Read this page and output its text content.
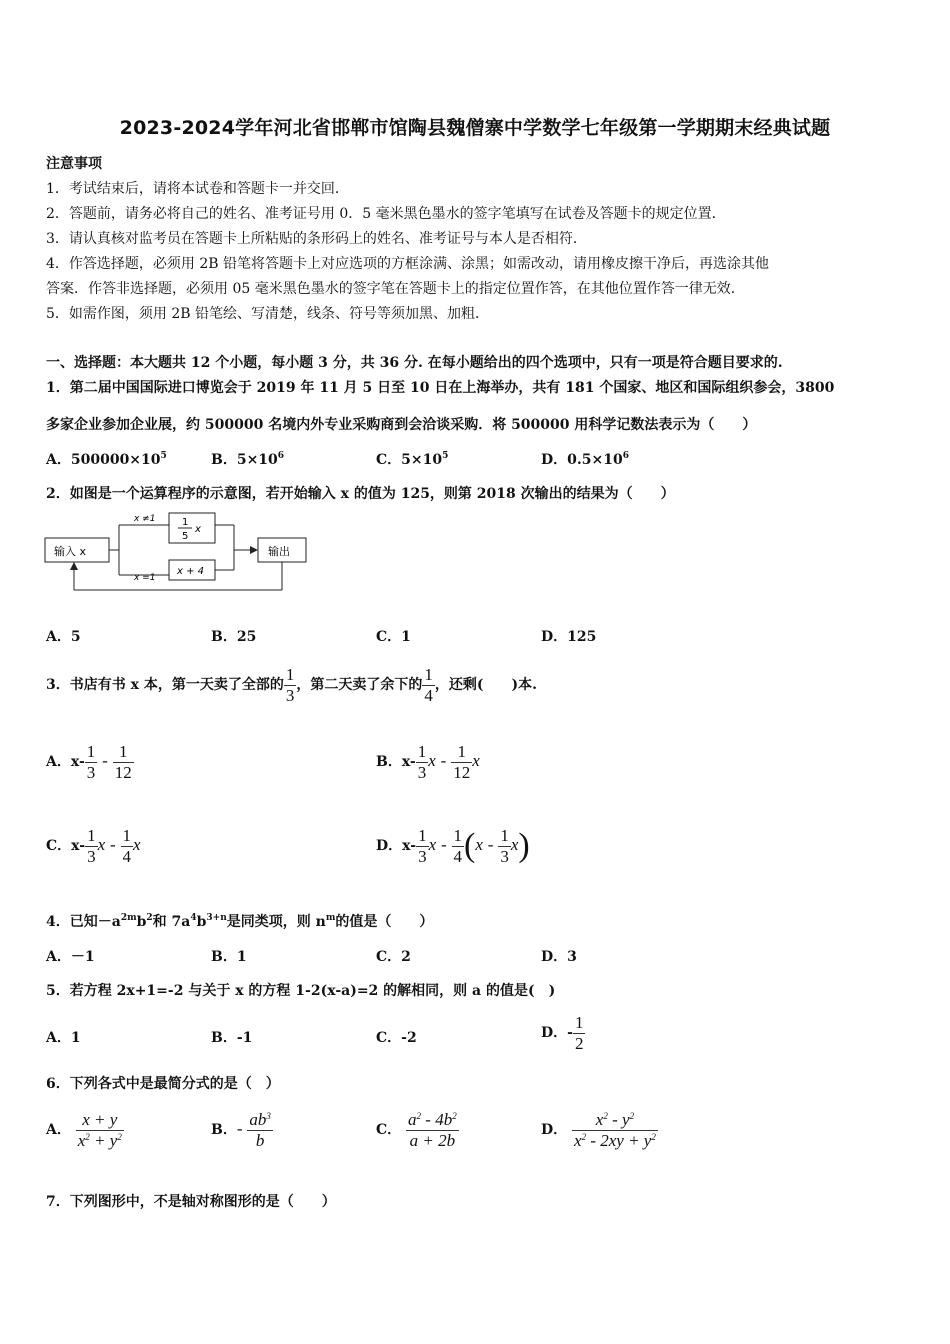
2023-2024学年河北省邯郸市馆陶县魏僧寨中学数学七年级第一学期期末经典试题
注意事项
1．考试结束后，请将本试卷和答题卡一并交回．
2．答题前，请务必将自己的姓名、准考证号用 0．5 毫米黑色墨水的签字笔填写在试卷及答题卡的规定位置．
3．请认真核对监考员在答题卡上所粘贴的条形码上的姓名、准考证号与本人是否相符．
4．作答选择题，必须用 2B 铅笔将答题卡上对应选项的方框涂满、涂黑；如需改动，请用橡皮擦干净后，再选涂其他
答案．作答非选择题，必须用 05 毫米黑色墨水的签字笔在答题卡上的指定位置作答，在其他位置作答一律无效．
5．如需作图，须用 2B 铅笔绘、写清楚，线条、符号等须加黑、加粗．
一、选择题：本大题共 12 个小题，每小题 3 分，共 36 分. 在每小题给出的四个选项中，只有一项是符合题目要求的.
1．第二届中国国际进口博览会于 2019 年 11 月 5 日至 10 日在上海举办，共有 181 个国家、地区和国际组织参会，3800
多家企业参加企业展，约 500000 名境内外专业采购商到会洽谈采购．将 500000 用科学记数法表示为（　　）
A．$500000\times 10^5$	B．$5\times 10^6$	C．$5\times 10^5$	D．$0.5\times 10^6$
2．如图是一个运算程序的示意图，若开始输入 x 的值为 125，则第 2018 次输出的结果为（　　）
输入 x	输出
1
5
x
x + 4
x ≠1
x =1
A．5	B．25	C．1	D．125
3．书店有书 x 本，第一天卖了全部的 $\frac{1}{3}$ ，第二天卖了余下的 $\frac{1}{4}$ ，还剩(　　)本.
A．$x- \frac{1}{3} - \frac{1}{12}$	B．$x- \frac{1}{3}$ x - $\frac{1}{12}$ x
C．$x- \frac{1}{3}$ x - $\frac{1}{4}$ x	D．$x- \frac{1}{3}$ x - $\frac{1}{4} (x - \frac{1}{3} x)$
4．已知$-a^{2m}b^2$和 $7a^4b^{3+n}$是同类项，则 $n^m$的值是（　　）
A．－1	B．1	C．2	D．3
5．若方程 2x+1=-2 与关于 x 的方程 1-2(x-a)=2 的解相同，则 a 的值是(　)
A．1	B．-1	C．-2	D．- $\frac{1}{2}$
6．下列各式中是最简分式的是（　）
A． $\frac{x + y}{x^2 + y^2}$	B．- $\frac{ab^3}{b}$	C． $\frac{a^2 - 4b^2}{a + 2b}$	D． $\frac{x^2 - y^2}{x^2 - 2xy + y^2}$
7．下列图形中，不是轴对称图形的是（　　）
